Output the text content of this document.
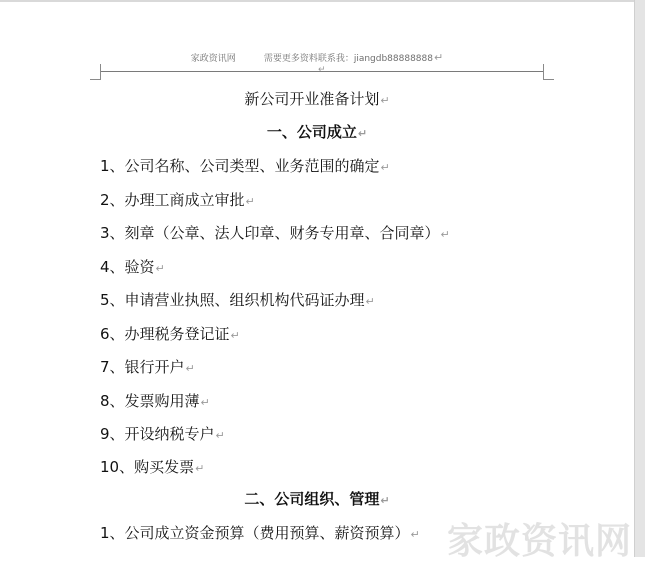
家政资讯网	需要更多资料联系我：jiangdb88888888↵
↵
新公司开业准备计划↵
一、公司成立↵
1、公司名称、公司类型、业务范围的确定↵
2、办理工商成立审批↵
3、刻章（公章、法人印章、财务专用章、合同章）↵
4、验资↵
5、申请营业执照、组织机构代码证办理↵
6、办理税务登记证↵
7、银行开户↵
8、发票购用薄↵
9、开设纳税专户↵
10、购买发票↵
二、公司组织、管理↵
1、公司成立资金预算（费用预算、薪资预算）↵ 家政资讯网
